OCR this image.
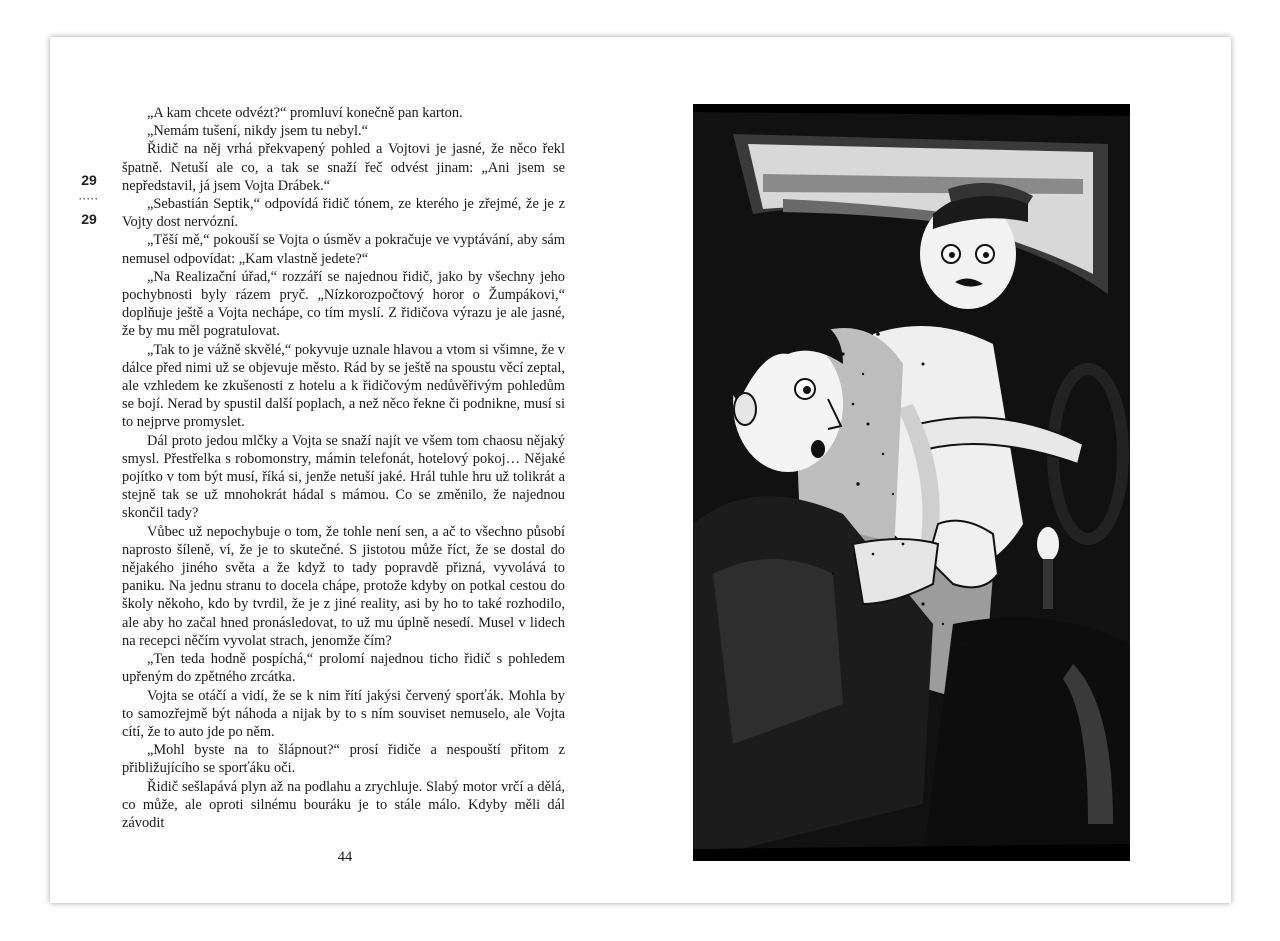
29
·····
29

„A kam chcete odvézt?“ promluví konečně pan karton.

„Nemám tušení, nikdy jsem tu nebyl.“

Řidič na něj vrhá překvapený pohled a Vojtovi je jasné, že něco řekl špatně. Netuší ale co, a tak se snaží řeč odvést jinam: „Ani jsem se nepředstavil, já jsem Vojta Drábek.“

„Sebastián Septik,“ odpovídá řidič tónem, ze kterého je zřejmé, že je z Vojty dost nervózní.

„Těší mě,“ pokouší se Vojta o úsměv a pokračuje ve vyptávání, aby sám nemusel odpovídat: „Kam vlastně jedete?“

„Na Realizační úřad,“ rozzáří se najednou řidič, jako by všechny jeho pochybnosti byly rázem pryč. „Nízkorozpočtový horor o Žumpákovi,“ doplňuje ještě a Vojta nechápe, co tím myslí. Z řidičova výrazu je ale jasné, že by mu měl pogratulovat.

„Tak to je vážně skvělé,“ pokyvuje uznale hlavou a vtom si všimne, že v dálce před nimi už se objevuje město. Rád by se ještě na spoustu věcí zeptal, ale vzhledem ke zkušenosti z hotelu a k řidičovým nedůvěřivým pohledům se bojí. Nerad by spustil další poplach, a než něco řekne či podnikne, musí si to nejprve promyslet.

Dál proto jedou mlčky a Vojta se snaží najít ve všem tom chaosu nějaký smysl. Přestřelka s robomonstry, mámin telefonát, hotelový pokoj… Nějaké pojítko v tom být musí, říká si, jenže netuší jaké. Hrál tuhle hru už tolikrát a stejně tak se už mnohokrát hádal s mámou. Co se změnilo, že najednou skončil tady?

Vůbec už nepochybuje o tom, že tohle není sen, a ač to všechno působí naprosto šíleně, ví, že je to skutečné. S jistotou může říct, že se dostal do nějakého jiného světa a že když to tady popravdě přizná, vyvolává to paniku. Na jednu stranu to docela chápe, protože kdyby on potkal cestou do školy někoho, kdo by tvrdil, že je z jiné reality, asi by ho to také rozhodilo, ale aby ho začal hned pronásledovat, to už mu úplně nesedí. Musel v lidech na recepci něčím vyvolat strach, jenomže čím?

„Ten teda hodně pospíchá,“ prolomí najednou ticho řidič s pohledem upřeným do zpětného zrcátka.

Vojta se otáčí a vidí, že se k nim řítí jakýsi červený sporťák. Mohla by to samozřejmě být náhoda a nijak by to s ním souviset nemuselo, ale Vojta cítí, že to auto jde po něm.

„Mohl byste na to šlápnout?“ prosí řidiče a nespouští přitom z přibližujícího se sporťáku oči.

Řidič sešlapává plyn až na podlahu a zrychluje. Slabý motor vrčí a dělá, co může, ale oproti silnému bouráku je to stále málo. Kdyby měli dál závodit

44
